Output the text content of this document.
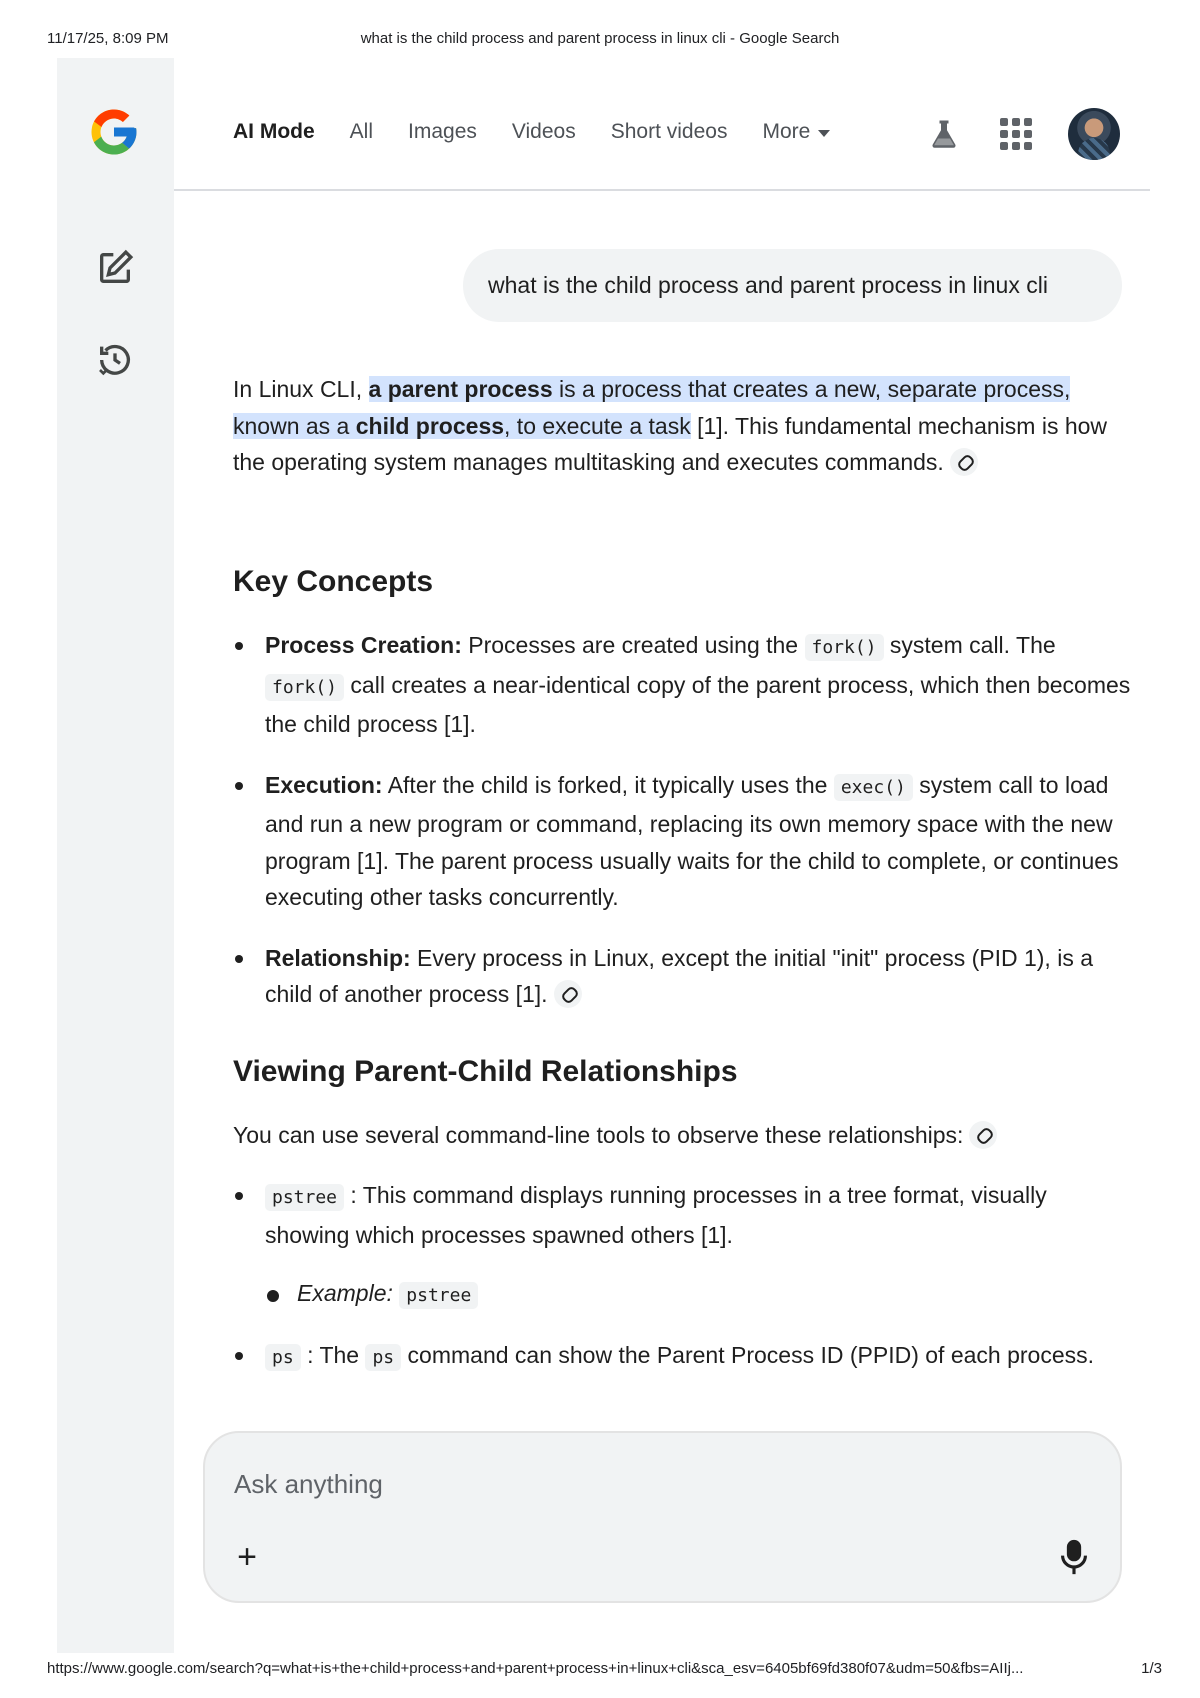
11/17/25, 8:09 PM	what is the child process and parent process in linux cli - Google Search
AI Mode All Images Videos Short videos More
what is the child process and parent process in linux cli

In Linux CLI, a parent process is a process that creates a new, separate process, known as a child process, to execute a task [1]. This fundamental mechanism is how the operating system manages multitasking and executes commands.

Key Concepts
Process Creation: Processes are created using the fork() system call. The fork() call creates a near-identical copy of the parent process, which then becomes the child process [1].
Execution: After the child is forked, it typically uses the exec() system call to load and run a new program or command, replacing its own memory space with the new program [1]. The parent process usually waits for the child to complete, or continues executing other tasks concurrently.
Relationship: Every process in Linux, except the initial "init" process (PID 1), is a child of another process [1].
Viewing Parent-Child Relationships

You can use several command-line tools to observe these relationships:

pstree : This command displays running processes in a tree format, visually showing which processes spawned others [1].
Example: pstree
ps : The ps command can show the Parent Process ID (PPID) of each process.
Ask anything
+
https://www.google.com/search?q=what+is+the+child+process+and+parent+process+in+linux+cli&sca_esv=6405bf69fd380f07&udm=50&fbs=AIIj...	1/3
